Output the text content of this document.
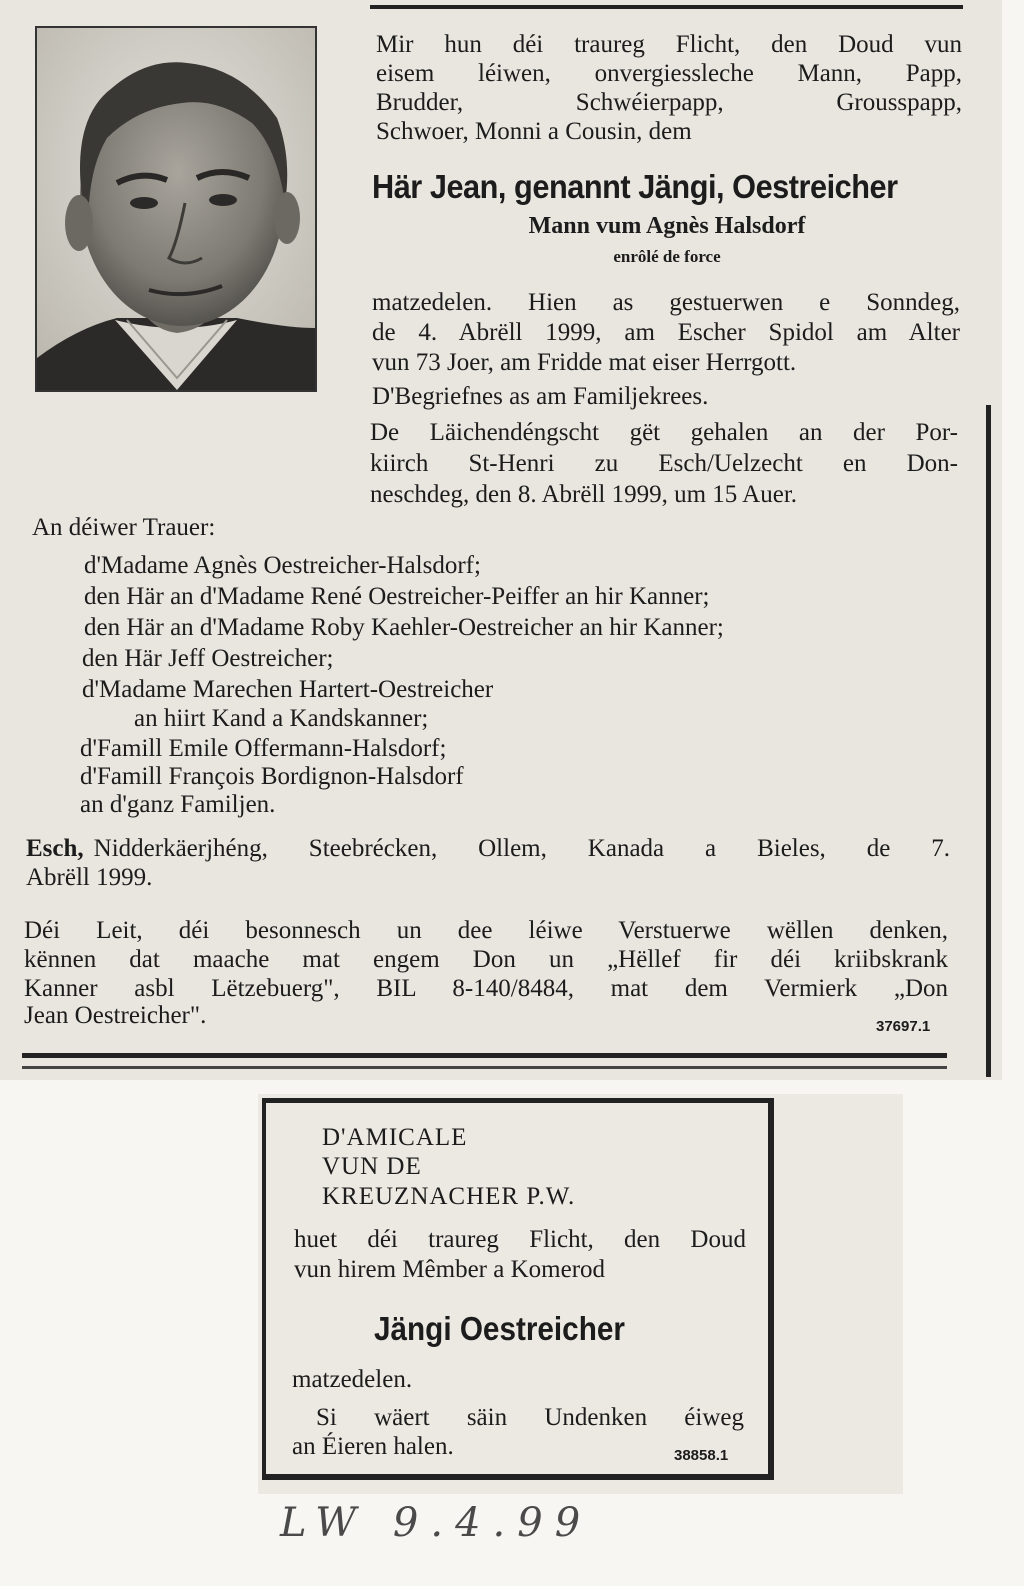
Mir hun déi traureg Flicht, den Doud vun
eisem léiwen, onvergiessleche Mann, Papp,
Brudder, Schwéierpapp, Grousspapp,
Schwoer, Monni a Cousin, dem
Här Jean, genannt Jängi, Oestreicher
Mann vum Agnès Halsdorf
enrôlé de force
matzedelen. Hien as gestuerwen e Sonndeg,
de 4. Abrëll 1999, am Escher Spidol am Alter
vun 73 Joer, am Fridde mat eiser Herrgott.
D'Begriefnes as am Familjekrees.
De Läichendéngscht gët gehalen an der Por-
kiirch St-Henri zu Esch/Uelzecht en Don-
neschdeg, den 8. Abrëll 1999, um 15 Auer.
An déiwer Trauer:
d'Madame Agnès Oestreicher-Halsdorf;
den Här an d'Madame René Oestreicher-Peiffer an hir Kanner;
den Här an d'Madame Roby Kaehler-Oestreicher an hir Kanner;
den Här Jeff Oestreicher;
d'Madame Marechen Hartert-Oestreicher
an hiirt Kand a Kandskanner;
d'Famill Emile Offermann-Halsdorf;
d'Famill François Bordignon-Halsdorf
an d'ganz Familjen.
Esch, Nidderkäerjhéng, Steebrécken, Ollem, Kanada a Bieles, de 7.
Abrëll 1999.
Déi Leit, déi besonnesch un dee léiwe Verstuerwe wëllen denken,
kënnen dat maache mat engem Don un „Hëllef fir déi kriibskrank
Kanner asbl Lëtzebuerg", BIL 8-140/8484, mat dem Vermierk „Don
Jean Oestreicher".	37697.1
D'AMICALE
VUN DE
KREUZNACHER P.W.
huet déi traureg Flicht, den Doud
vun hirem Mêmber a Komerod
Jängi Oestreicher
matzedelen.
Si wäert säin Undenken éiweg
an Éieren halen.	38858.1
LW 9.4.99
